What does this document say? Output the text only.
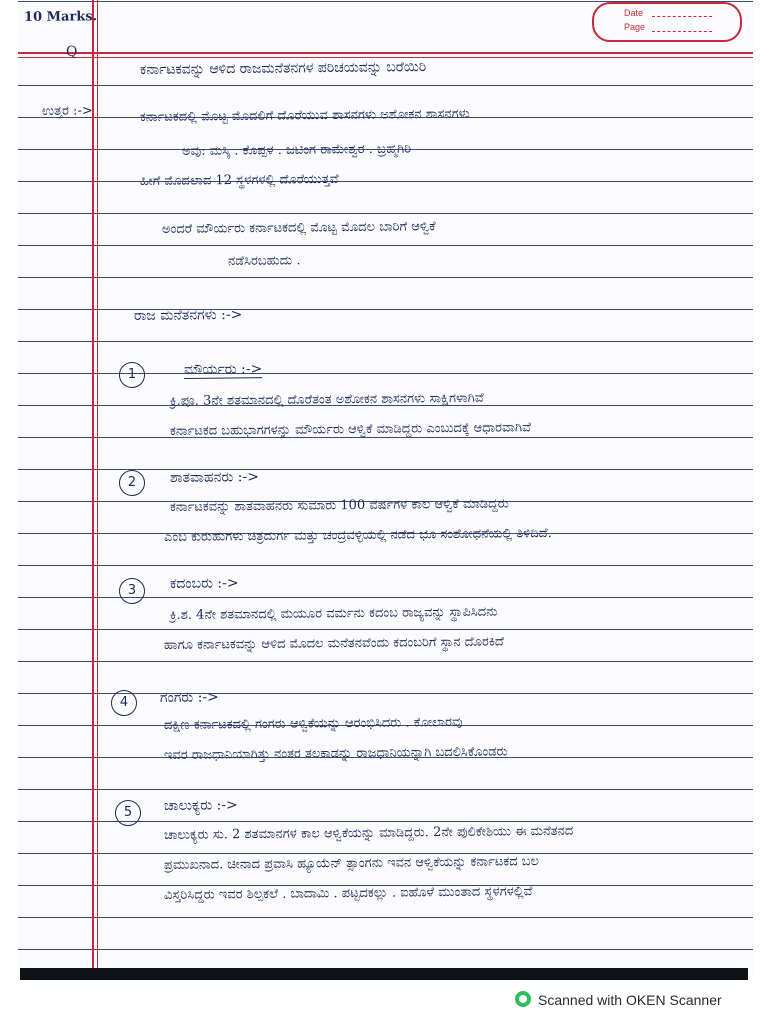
Date
Page
10 Marks.
Q
ಕರ್ನಾಟಕವನ್ನು ಆಳಿದ ರಾಜಮನೆತನಗಳ ಪರಿಚಯವನ್ನು ಬರೆಯಿರಿ
ಉತ್ತರ :->	ಕರ್ನಾಟಕದಲ್ಲಿ ಮೊಟ್ಟ ಮೊದಲಿಗೆ ದೊರೆಯುವ ಶಾಸನಗಳು ಅಶೋಕನ ಶಾಸನಗಳು
ಅವು: ಮಸ್ಕಿ . ಕೊಪ್ಪಳ . ಜಟಿಂಗ ರಾಮೇಶ್ವರ . ಬ್ರಹ್ಮಗಿರಿ
ಹೀಗೆ ಮೊದಲಾದ 12 ಸ್ಥಳಗಳಲ್ಲಿ ದೊರೆಯುತ್ತವೆ
ಅಂದರೆ ಮೌರ್ಯರು ಕರ್ನಾಟಕದಲ್ಲಿ ಮೊಟ್ಟ ಮೊದಲ ಬಾರಿಗೆ ಆಳ್ವಿಕೆ
ನಡೆಸಿರಬಹುದು .
ರಾಜ ಮನೆತನಗಳು :->
1	ಮೌರ್ಯರು :->
ಕ್ರಿ.ಪೂ. 3ನೇ ಶತಮಾನದಲ್ಲಿ ದೊರೆತಂತ ಅಶೋಕನ ಶಾಸನಗಳು ಸಾಕ್ಷಿಗಳಾಗಿವೆ
ಕರ್ನಾಟಕದ ಬಹುಭಾಗಗಳನ್ನು ಮೌರ್ಯರು ಆಳ್ವಿಕೆ ಮಾಡಿದ್ದರು ಎಂಬುದಕ್ಕೆ ಆಧಾರವಾಗಿವೆ
2	ಶಾತವಾಹನರು :->
ಕರ್ನಾಟಕವನ್ನು ಶಾತವಾಹನರು ಸುಮಾರು 100 ವರ್ಷಗಳ ಕಾಲ ಆಳ್ವಿಕೆ ಮಾಡಿದ್ದರು
ಎಂಬ ಕುರುಹುಗಳು ಚಿತ್ರದುರ್ಗ ಮತ್ತು ಚಂದ್ರವಳ್ಳಿಯಲ್ಲಿ ನಡೆದ ಭೂ ಸಂಶೋಧನೆಯಲ್ಲಿ ತಿಳಿದಿದೆ.
3	ಕದಂಬರು :->
ಕ್ರಿ.ಶ. 4ನೇ ಶತಮಾನದಲ್ಲಿ ಮಯೂರ ವರ್ಮನು ಕದಂಬ ರಾಜ್ಯವನ್ನು ಸ್ಥಾಪಿಸಿದನು
ಹಾಗೂ ಕರ್ನಾಟಕವನ್ನು ಆಳಿದ ಮೊದಲ ಮನೆತನವೆಂದು ಕದಂಬರಿಗೆ ಸ್ಥಾನ ದೊರಕಿದೆ
4	ಗಂಗರು :->
ದಕ್ಷಿಣ ಕರ್ನಾಟಕದಲ್ಲಿ ಗಂಗರು ಆಳ್ವಿಕೆಯನ್ನು ಆರಂಭಿಸಿದರು . ಕೋಲಾರವು
ಇವರ ರಾಜಧಾನಿಯಾಗಿತ್ತು ನಂತರ ತಲಕಾಡನ್ನು ರಾಜಧಾನಿಯನ್ನಾಗಿ ಬದಲಿಸಿಕೊಂಡರು
5	ಚಾಲುಕ್ಯರು :->
ಚಾಲುಕ್ಯರು ಸು. 2 ಶತಮಾನಗಳ ಕಾಲ ಆಳ್ವಿಕೆಯನ್ನು ಮಾಡಿದ್ದರು. 2ನೇ ಪುಲಿಕೇಶಿಯು ಈ ಮನೆತನದ
ಪ್ರಮುಖನಾದ. ಚೀನಾದ ಪ್ರವಾಸಿ ಹ್ಯೂಯೆನ್ ತ್ಸಾಂಗನು ಇವನ ಆಳ್ವಿಕೆಯನ್ನು ಕರ್ನಾಟಕದ ಬಲ
ವಿಸ್ತರಿಸಿದ್ದರು ಇವರ ಶಿಲ್ಪಕಲೆ . ಬಾದಾಮಿ . ಪಟ್ಟದಕಲ್ಲು . ಐಹೊಳೆ ಮುಂತಾದ ಸ್ಥಳಗಳಲ್ಲಿವೆ
Scanned with OKEN Scanner
